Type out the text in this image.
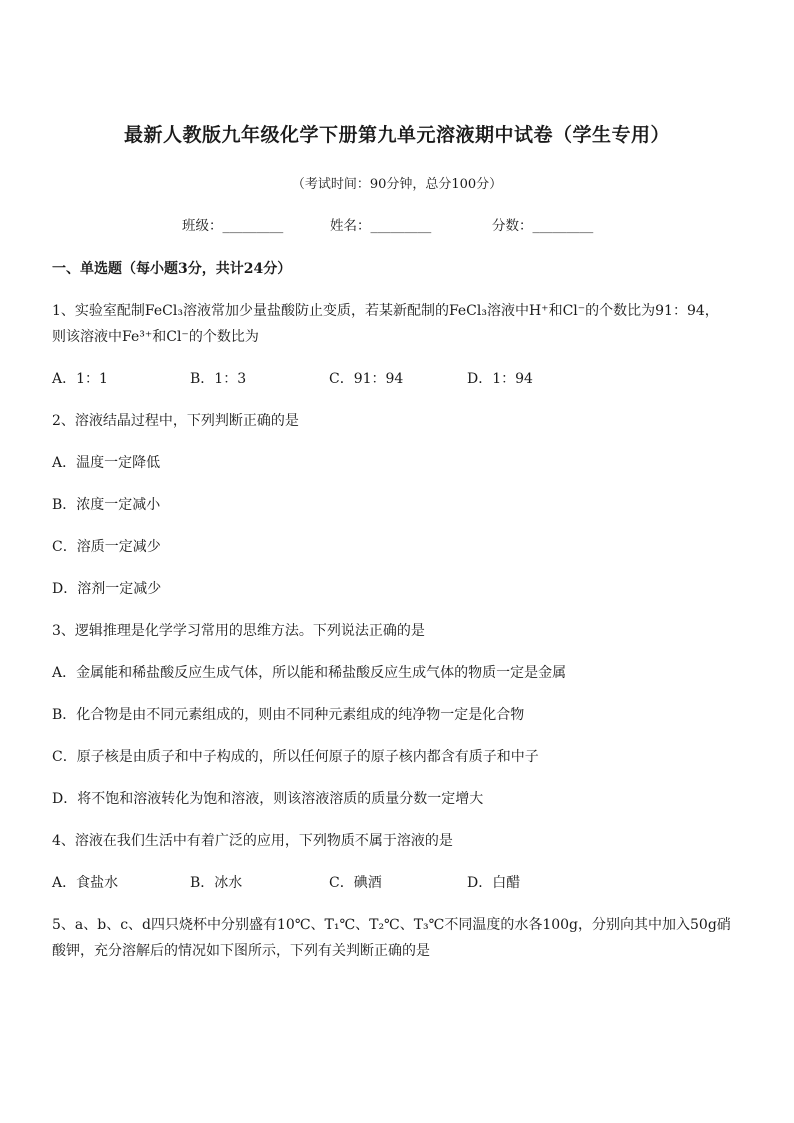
最新人教版九年级化学下册第九单元溶液期中试卷（学生专用）
（考试时间：90分钟，总分100分）
班级：_________	姓名：_________	分数：_________
一、单选题（每小题3分，共计24分）
1、实验室配制FeCl₃溶液常加少量盐酸防止变质，若某新配制的FeCl₃溶液中H⁺和Cl⁻的个数比为91：94，
则该溶液中Fe³⁺和Cl⁻的个数比为
A．1：1	B．1：3	C．91：94	D．1：94
2、溶液结晶过程中，下列判断正确的是
A．温度一定降低
B．浓度一定减小
C．溶质一定减少
D．溶剂一定减少
3、逻辑推理是化学学习常用的思维方法。下列说法正确的是
A．金属能和稀盐酸反应生成气体，所以能和稀盐酸反应生成气体的物质一定是金属
B．化合物是由不同元素组成的，则由不同种元素组成的纯净物一定是化合物
C．原子核是由质子和中子构成的，所以任何原子的原子核内都含有质子和中子
D．将不饱和溶液转化为饱和溶液，则该溶液溶质的质量分数一定增大
4、溶液在我们生活中有着广泛的应用，下列物质不属于溶液的是
A．食盐水	B．冰水	C．碘酒	D．白醋
5、a、b、c、d四只烧杯中分别盛有10℃、T₁℃、T₂℃、T₃℃不同温度的水各100g，分别向其中加入50g硝
酸钾，充分溶解后的情况如下图所示，下列有关判断正确的是
